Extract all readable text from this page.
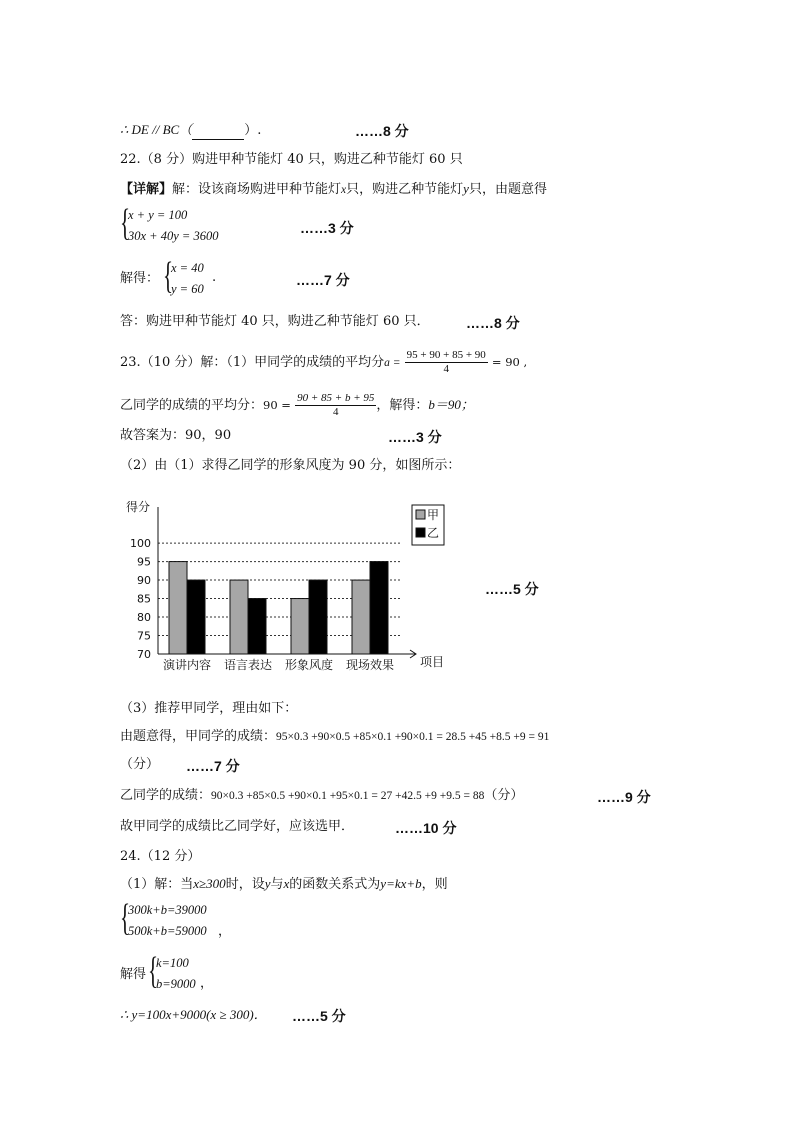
∴ DE // BC（	）.	……8 分
22.（8 分）购进甲种节能灯 40 只，购进乙种节能灯 60 只
【详解】解：设该商场购进甲种节能灯x只，购进乙种节能灯y只，由题意得
{
x + y = 100
30x + 40y = 3600	……3 分
解得： {
x = 40
y = 60
.	……7 分
答：购进甲种节能灯 40 只，购进乙种节能灯 60 只．	……8 分
23.（10 分）解：（1）甲同学的成绩的平均分$a = \frac{95 + 90 + 85 + 90}{4} = 90$ ,
乙同学的成绩的平均分：$90 = \frac{90 + 85 + b + 95}{4}$ ，解得：b＝90；
故答案为：90，90	……3 分
（2）由（1）求得乙同学的形象风度为 90 分，如图所示：
70
75
80
85
90
95
100
得分
项目
演讲内容 语言表达 形象风度 现场效果
甲
乙
……5 分
（3）推荐甲同学，理由如下：
由题意得，甲同学的成绩：95×0.3 +90×0.5 +85×0.1 +90×0.1 = 28.5 +45 +8.5 +9 = 91
（分） ……7 分
乙同学的成绩：90×0.3 +85×0.5 +90×0.1 +95×0.1 = 27 +42.5 +9 +9.5 = 88（分）	……9 分
故甲同学的成绩比乙同学好，应该选甲．	……10 分
24.（12 分）
（1）解：当x≥300时，设y与x的函数关系式为y=kx+b，则
{
300k+b=39000
500k+b=59000 ，
解得 {
k=100
b=9000 ，
∴ y=100x+9000(x ≥ 300)． ……5 分
